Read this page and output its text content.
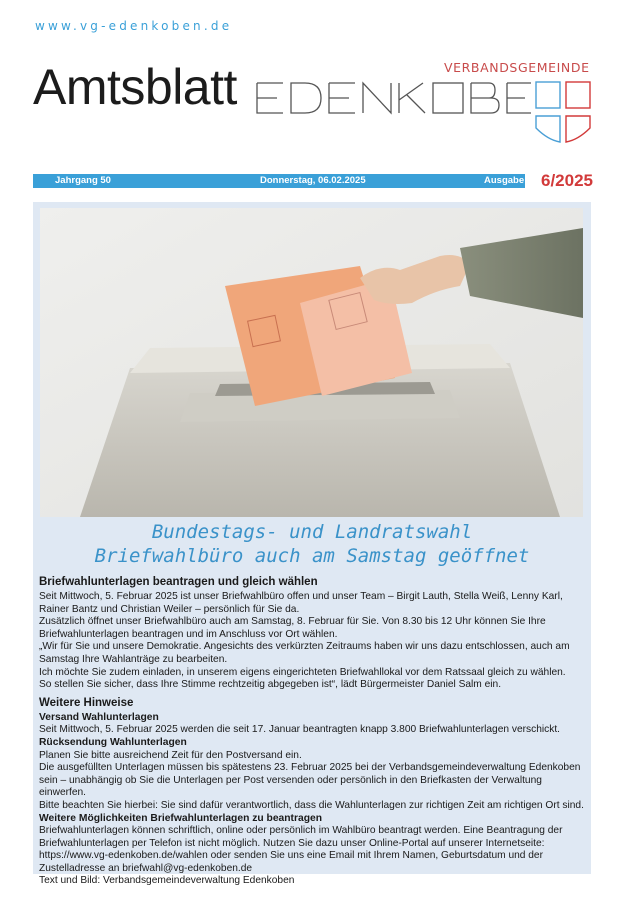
www.vg-edenkoben.de
Amtsblatt	VERBANDSGEMEINDE
Jahrgang 50	Donnerstag, 06.02.2025	Ausgabe 6/2025
Bundestags- und Landratswahl
Briefwahlbüro auch am Samstag geöffnet
Briefwahlunterlagen beantragen und gleich wählen

Seit Mittwoch, 5. Februar 2025 ist unser Briefwahlbüro offen und unser Team – Birgit Lauth, Stella Weiß, Lenny Karl, Rainer Bantz und Christian Weiler – persönlich für Sie da.

Zusätzlich öffnet unser Briefwahlbüro auch am Samstag, 8. Februar für Sie. Von 8.30 bis 12 Uhr können Sie Ihre Briefwahlunterlagen beantragen und im Anschluss vor Ort wählen.

„Wir für Sie und unsere Demokratie. Angesichts des verkürzten Zeitraums haben wir uns dazu entschlossen, auch am Samstag Ihre Wahlanträge zu bearbeiten.

Ich möchte Sie zudem einladen, in unserem eigens eingerichteten Briefwahllokal vor dem Ratssaal gleich zu wählen.

So stellen Sie sicher, dass Ihre Stimme rechtzeitig abgegeben ist“, lädt Bürgermeister Daniel Salm ein.

Weitere Hinweise
Versand Wahlunterlagen

Seit Mittwoch, 5. Februar 2025 werden die seit 17. Januar beantragten knapp 3.800 Briefwahlunterlagen verschickt.

Rücksendung Wahlunterlagen

Planen Sie bitte ausreichend Zeit für den Postversand ein.

Die ausgefüllten Unterlagen müssen bis spätestens 23. Februar 2025 bei der Verbandsgemeindeverwaltung Edenkoben sein – unabhängig ob Sie die Unterlagen per Post versenden oder persönlich in den Briefkasten der Verwaltung einwerfen.

Bitte beachten Sie hierbei: Sie sind dafür verantwortlich, dass die Wahlunterlagen zur richtigen Zeit am richtigen Ort sind.

Weitere Möglichkeiten Briefwahlunterlagen zu beantragen

Briefwahlunterlagen können schriftlich, online oder persönlich im Wahlbüro beantragt werden. Eine Beantragung der Briefwahlunterlagen per Telefon ist nicht möglich. Nutzen Sie dazu unser Online-Portal auf unserer Internetseite: https://www.vg-edenkoben.de/wahlen oder senden Sie uns eine Email mit Ihrem Namen, Geburtsdatum und der Zustelladresse an briefwahl@vg-edenkoben.de

Text und Bild: Verbandsgemeindeverwaltung Edenkoben
